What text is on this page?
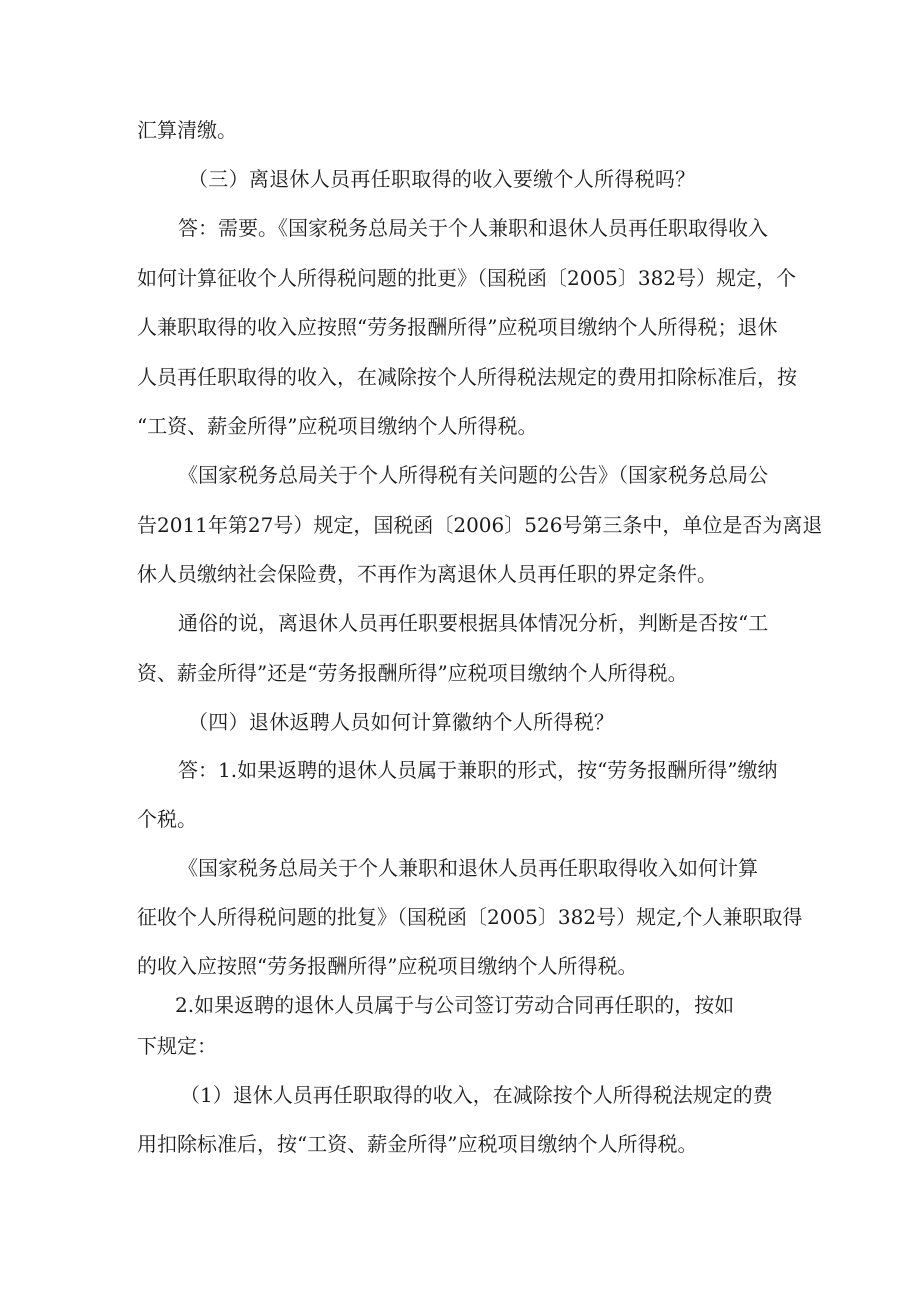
汇算清缴。
（三）离退休人员再任职取得的收入要缴个人所得税吗？
答：需要。《国家税务总局关于个人兼职和退休人员再任职取得收入
如何计算征收个人所得税问题的批更》（国税函〔2005〕382号）规定，个
人兼职取得的收入应按照“劳务报酬所得”应税项目缴纳个人所得税；退休
人员再任职取得的收入，在减除按个人所得税法规定的费用扣除标准后，按
“工资、薪金所得”应税项目缴纳个人所得税。
《国家税务总局关于个人所得税有关问题的公告》（国家税务总局公
告2011年第27号）规定，国税函〔2006〕526号第三条中，单位是否为离退
休人员缴纳社会保险费，不再作为离退休人员再任职的界定条件。
通俗的说，离退休人员再任职要根据具体情况分析，判断是否按“工
资、薪金所得”还是“劳务报酬所得”应税项目缴纳个人所得税。
（四）退休返聘人员如何计算徽纳个人所得税？
答：1.如果返聘的退休人员属于兼职的形式，按“劳务报酬所得”缴纳
个税。
《国家税务总局关于个人兼职和退休人员再任职取得收入如何计算
征收个人所得税问题的批复》（国税函〔2005〕382号）规定,个人兼职取得
的收入应按照“劳务报酬所得”应税项目缴纳个人所得税。
2.如果返聘的退休人员属于与公司签订劳动合同再任职的，按如
下规定：
（1）退休人员再任职取得的收入，在减除按个人所得税法规定的费
用扣除标准后，按“工资、薪金所得”应税项目缴纳个人所得税。
